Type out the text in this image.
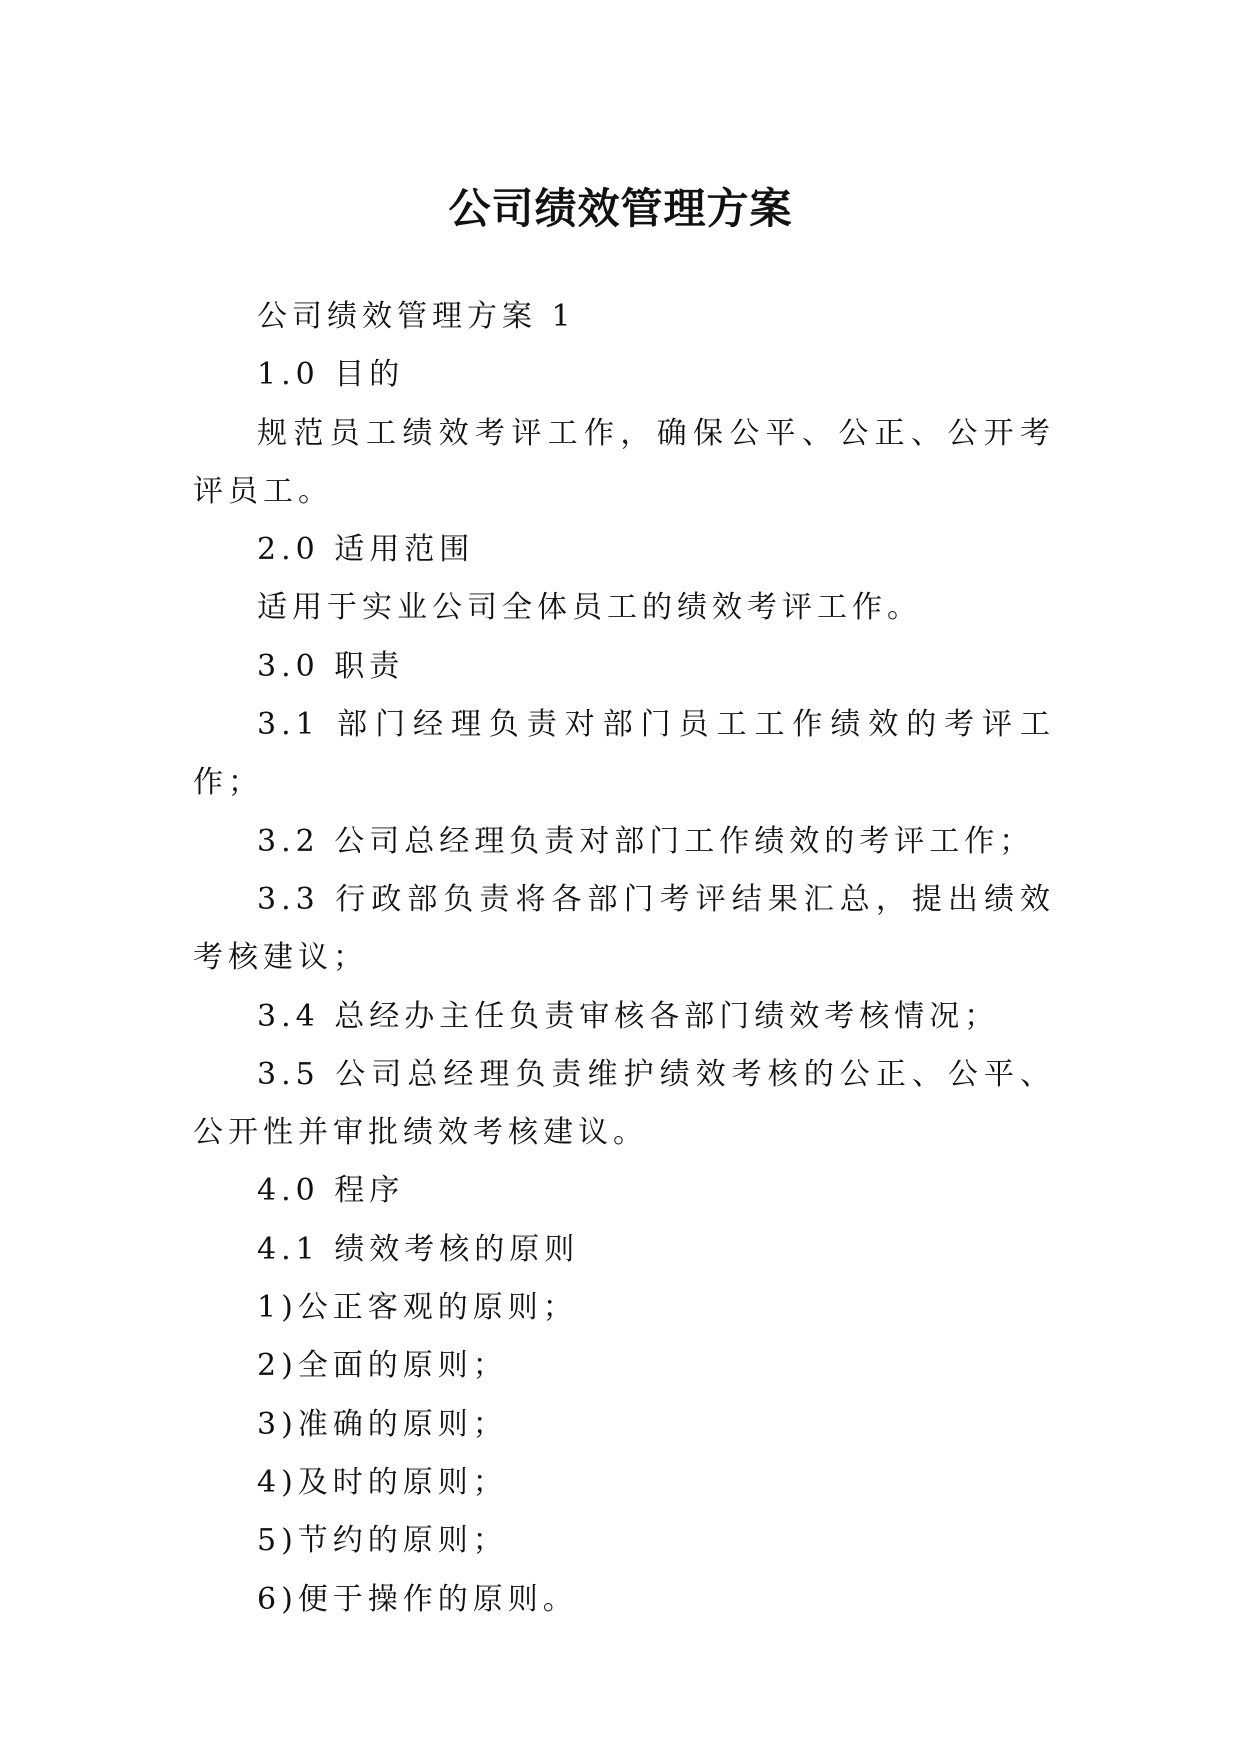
公司绩效管理方案

公司绩效管理方案 1

1.0 目的

规范员工绩效考评工作，确保公平、公正、公开考评员工。

2.0 适用范围

适用于实业公司全体员工的绩效考评工作。

3.0 职责

3.1 部门经理负责对部门员工工作绩效的考评工作；

3.2 公司总经理负责对部门工作绩效的考评工作；

3.3 行政部负责将各部门考评结果汇总，提出绩效考核建议；

3.4 总经办主任负责审核各部门绩效考核情况；

3.5 公司总经理负责维护绩效考核的公正、公平、公开性并审批绩效考核建议。

4.0 程序

4.1 绩效考核的原则

1)公正客观的原则；

2)全面的原则；

3)准确的原则；

4)及时的原则；

5)节约的原则；

6)便于操作的原则。
